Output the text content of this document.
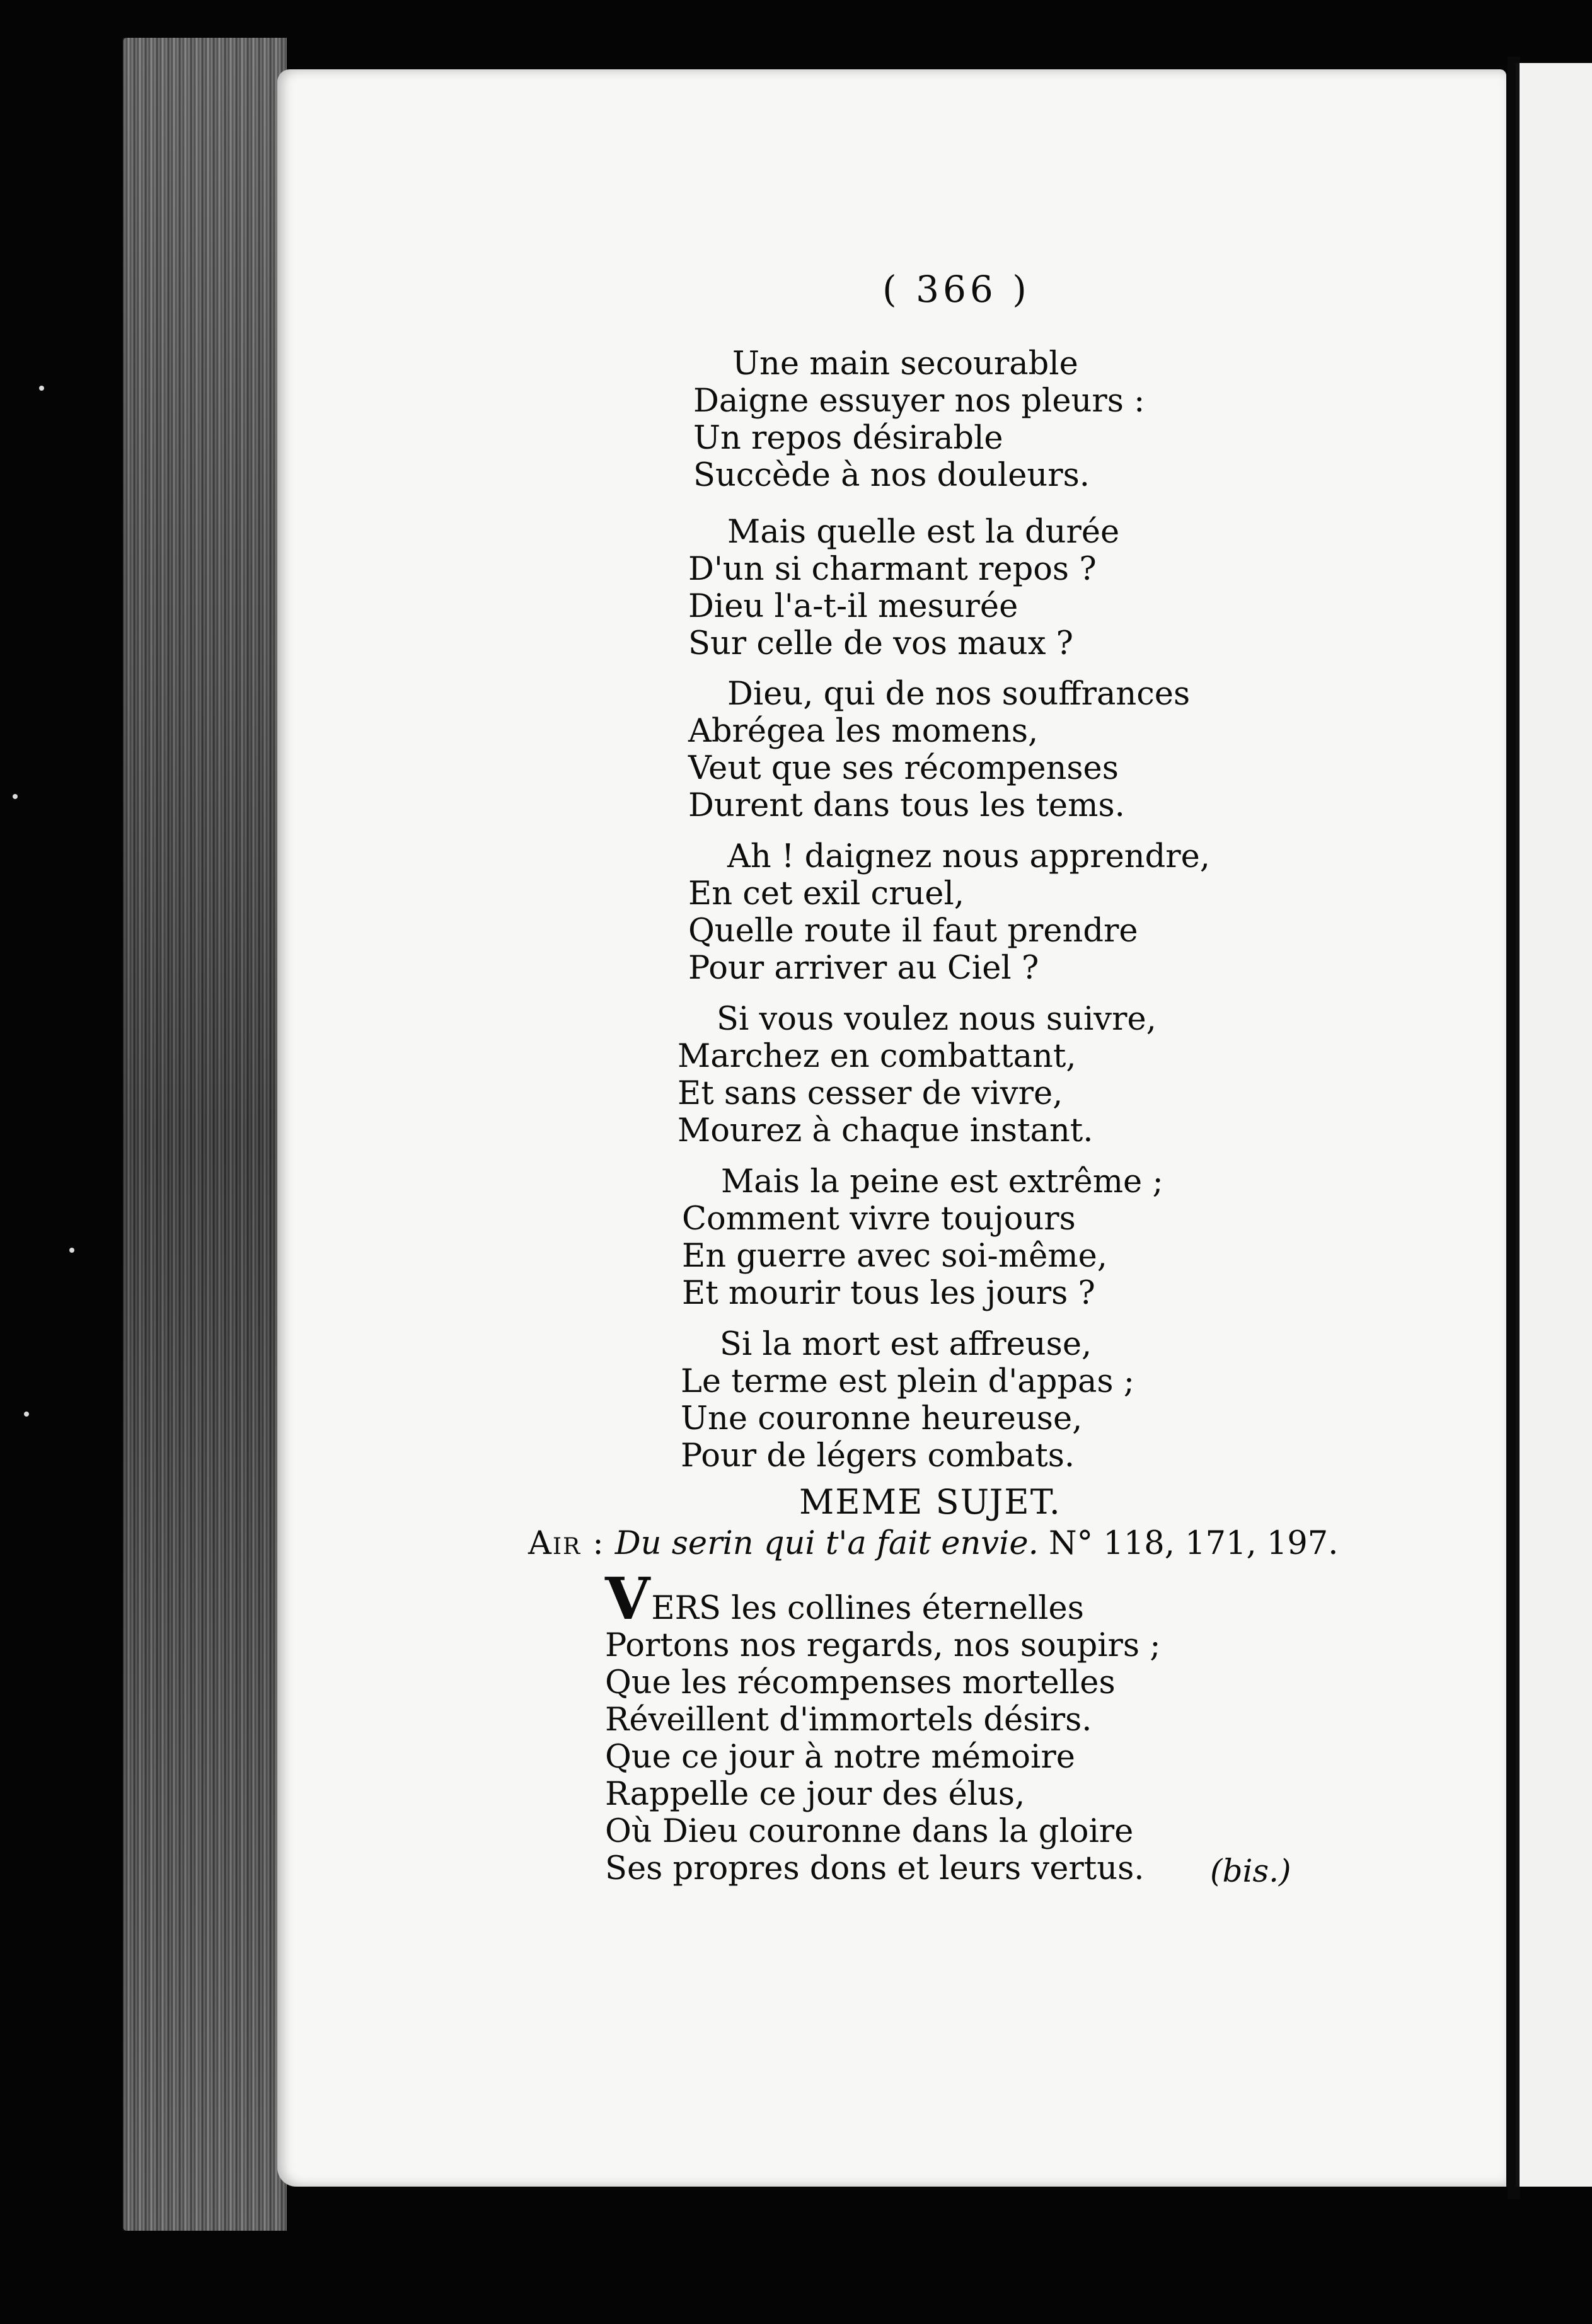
( 366 )
Une main secourable
Daigne essuyer nos pleurs :
Un repos désirable
Succède à nos douleurs.
Mais quelle est la durée
D'un si charmant repos ?
Dieu l'a-t-il mesurée
Sur celle de vos maux ?
Dieu, qui de nos souffrances
Abrégea les momens,
Veut que ses récompenses
Durent dans tous les tems.
Ah ! daignez nous apprendre,
En cet exil cruel,
Quelle route il faut prendre
Pour arriver au Ciel ?
Si vous voulez nous suivre,
Marchez en combattant,
Et sans cesser de vivre,
Mourez à chaque instant.
Mais la peine est extrême ;
Comment vivre toujours
En guerre avec soi-même,
Et mourir tous les jours ?
Si la mort est affreuse,
Le terme est plein d'appas ;
Une couronne heureuse,
Pour de légers combats.
MEME SUJET.
Air : Du serin qui t'a fait envie. N° 118, 171, 197.
VERS les collines éternelles
Portons nos regards, nos soupirs ;
Que les récompenses mortelles
Réveillent d'immortels désirs.
Que ce jour à notre mémoire
Rappelle ce jour des élus,
Où Dieu couronne dans la gloire
Ses propres dons et leurs vertus.	(bis.)
